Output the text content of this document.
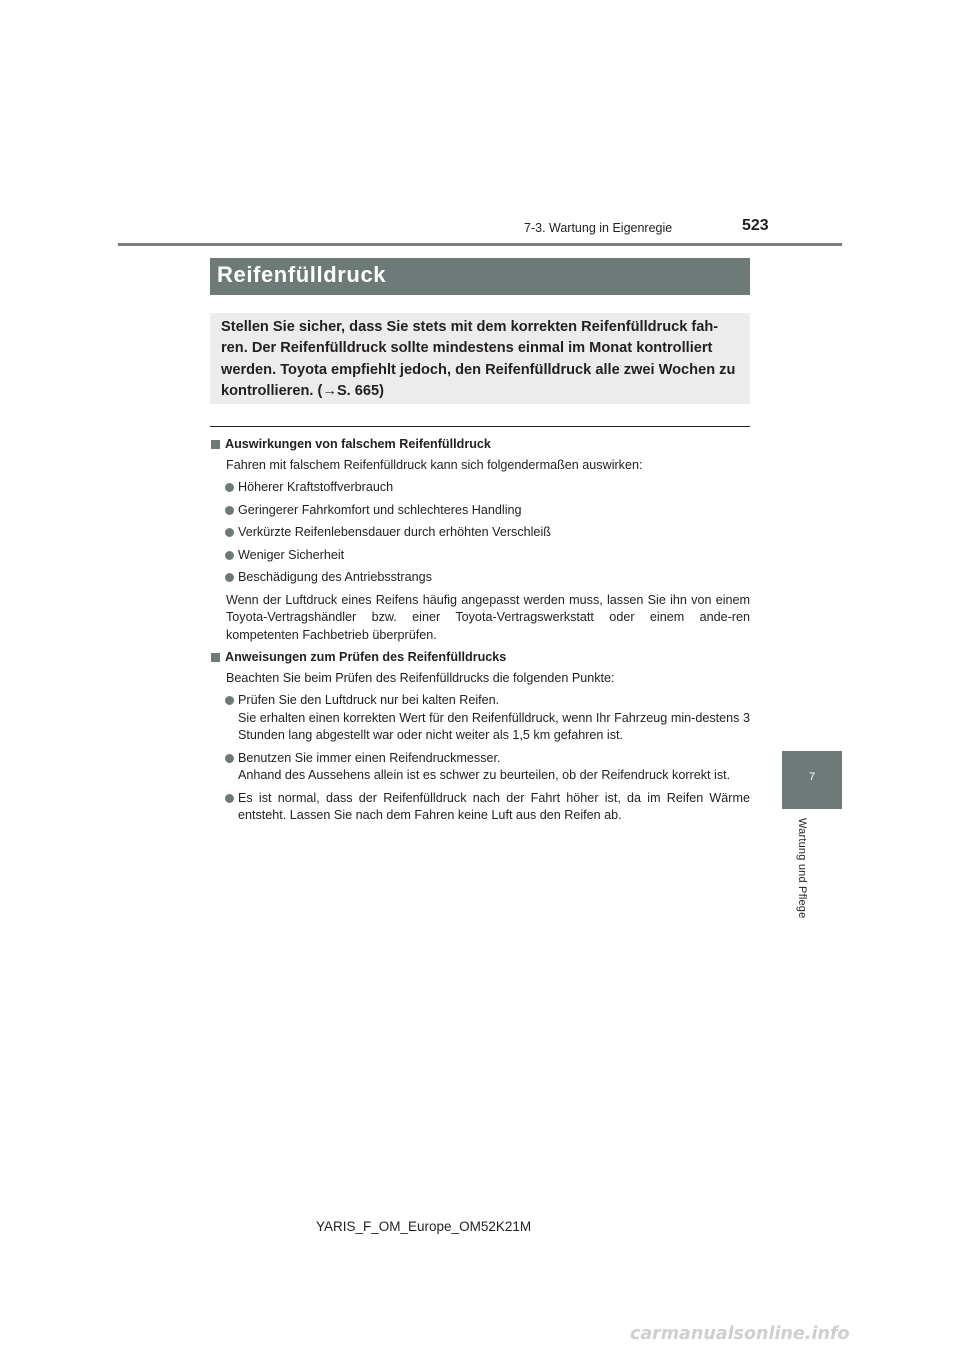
7-3. Wartung in Eigenregie	523
7
Wartung und Pflege
Reifenfülldruck
Stellen Sie sicher, dass Sie stets mit dem korrekten Reifenfülldruck fah-ren. Der Reifenfülldruck sollte mindestens einmal im Monat kontrolliert werden. Toyota empfiehlt jedoch, den Reifenfülldruck alle zwei Wochen zu kontrollieren. (→S. 665)
Auswirkungen von falschem Reifenfülldruck
Fahren mit falschem Reifenfülldruck kann sich folgendermaßen auswirken:
Höherer Kraftstoffverbrauch
Geringerer Fahrkomfort und schlechteres Handling
Verkürzte Reifenlebensdauer durch erhöhten Verschleiß
Weniger Sicherheit
Beschädigung des Antriebsstrangs
Wenn der Luftdruck eines Reifens häufig angepasst werden muss, lassen Sie ihn von einem Toyota-Vertragshändler bzw. einer Toyota-Vertragswerkstatt oder einem ande-ren kompetenten Fachbetrieb überprüfen.
Anweisungen zum Prüfen des Reifenfülldrucks
Beachten Sie beim Prüfen des Reifenfülldrucks die folgenden Punkte:
Prüfen Sie den Luftdruck nur bei kalten Reifen.
Sie erhalten einen korrekten Wert für den Reifenfülldruck, wenn Ihr Fahrzeug min-destens 3 Stunden lang abgestellt war oder nicht weiter als 1,5 km gefahren ist.
Benutzen Sie immer einen Reifendruckmesser.
Anhand des Aussehens allein ist es schwer zu beurteilen, ob der Reifendruck korrekt ist.
Es ist normal, dass der Reifenfülldruck nach der Fahrt höher ist, da im Reifen Wärme entsteht. Lassen Sie nach dem Fahren keine Luft aus den Reifen ab.
YARIS_F_OM_Europe_OM52K21M
carmanualsonline.info
